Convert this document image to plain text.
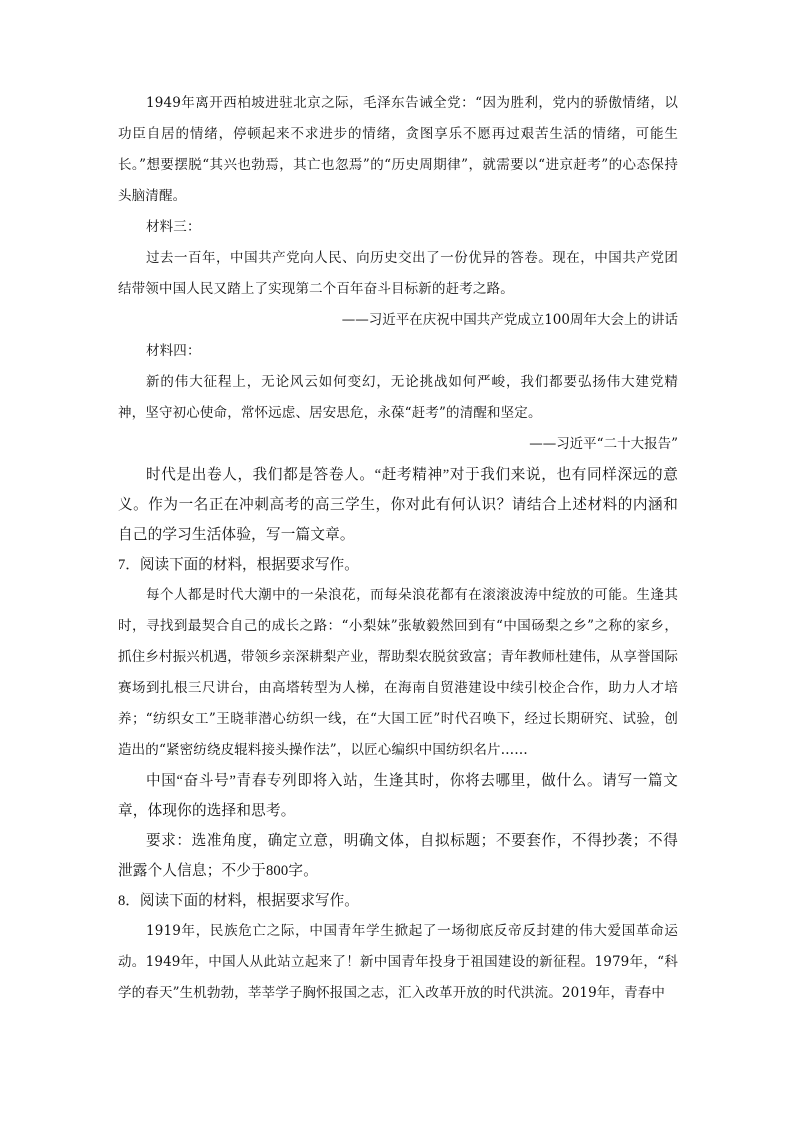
1949年离开西柏坡进驻北京之际，毛泽东告诫全党：“因为胜利，党内的骄傲情绪，以功臣自居的情绪，停顿起来不求进步的情绪，贪图享乐不愿再过艰苦生活的情绪，可能生长。”想要摆脱“其兴也勃焉，其亡也忽焉”的“历史周期律”，就需要以“进京赶考”的心态保持头脑清醒。

材料三：

过去一百年，中国共产党向人民、向历史交出了一份优异的答卷。现在，中国共产党团结带领中国人民又踏上了实现第二个百年奋斗目标新的赶考之路。

——习近平在庆祝中国共产党成立100周年大会上的讲话

材料四：

新的伟大征程上，无论风云如何变幻，无论挑战如何严峻，我们都要弘扬伟大建党精神，坚守初心使命，常怀远虑、居安思危，永葆“赶考”的清醒和坚定。

——习近平“二十大报告”

时代是出卷人，我们都是答卷人。“赶考精神”对于我们来说，也有同样深远的意义。作为一名正在冲刺高考的高三学生，你对此有何认识？请结合上述材料的内涵和自己的学习生活体验，写一篇文章。

7．阅读下面的材料，根据要求写作。

每个人都是时代大潮中的一朵浪花，而每朵浪花都有在滚滚波涛中绽放的可能。生逢其时，寻找到最契合自己的成长之路：“小梨妹”张敏毅然回到有“中国砀梨之乡”之称的家乡，抓住乡村振兴机遇，带领乡亲深耕梨产业，帮助梨农脱贫致富；青年教师杜建伟，从享誉国际赛场到扎根三尺讲台，由高塔转型为人梯，在海南自贸港建设中续引校企合作，助力人才培养；“纺织女工”王晓菲潜心纺织一线，在“大国工匠”时代召唤下，经过长期研究、试验，创造出的“紧密纺绕皮辊料接头操作法”，以匠心编织中国纺织名片……

中国“奋斗号”青春专列即将入站，生逢其时，你将去哪里，做什么。请写一篇文章，体现你的选择和思考。

要求：选准角度，确定立意，明确文体，自拟标题；不要套作，不得抄袭；不得泄露个人信息；不少于800字。

8．阅读下面的材料，根据要求写作。

1919年，民族危亡之际，中国青年学生掀起了一场彻底反帝反封建的伟大爱国革命运动。1949年，中国人从此站立起来了！新中国青年投身于祖国建设的新征程。1979年，“科学的春天”生机勃勃，莘莘学子胸怀报国之志，汇入改革开放的时代洪流。2019年，青春中
